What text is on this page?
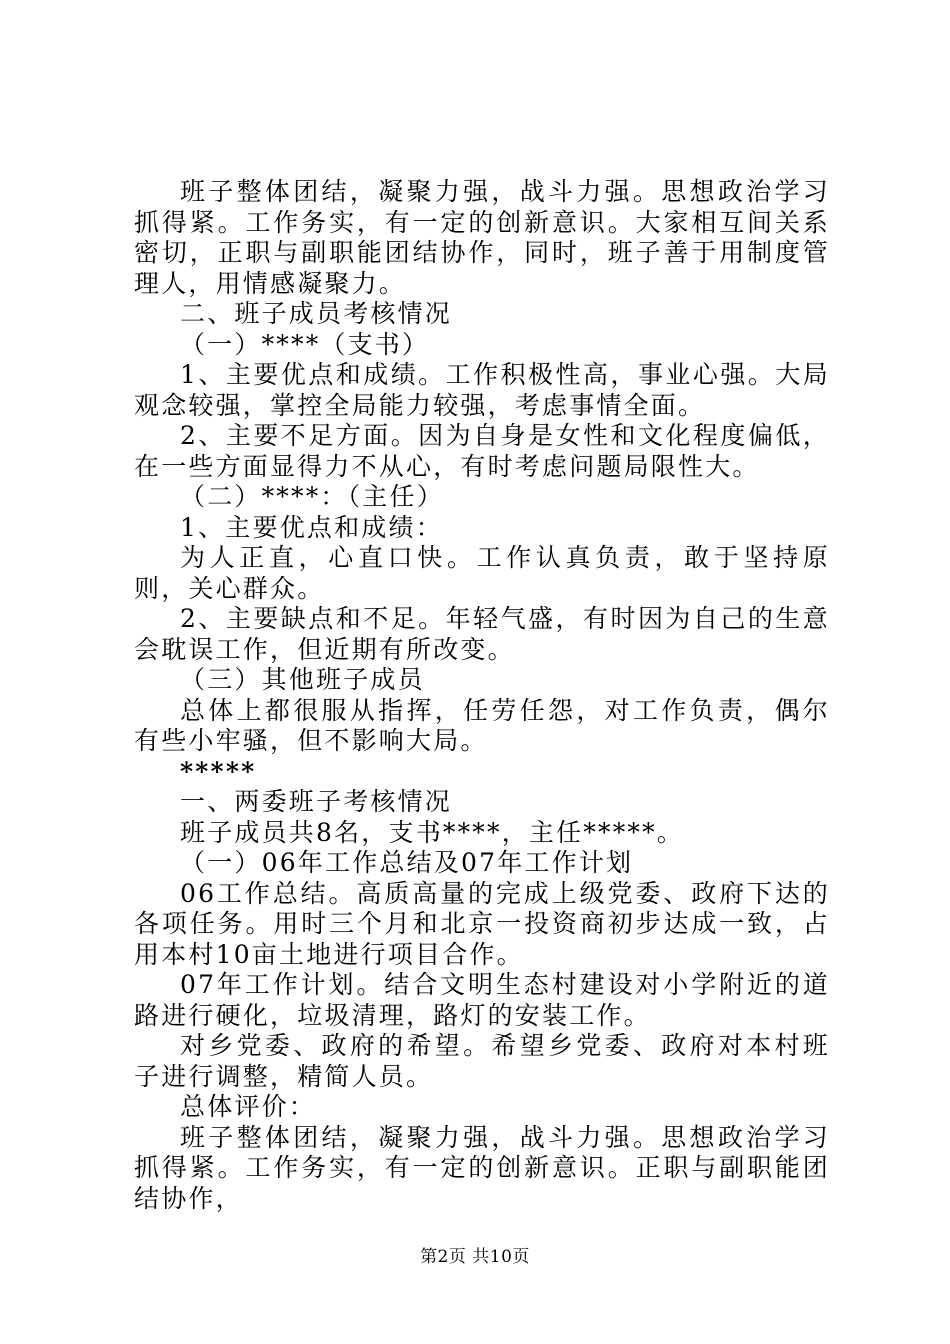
班子整体团结，凝聚力强，战斗力强。思想政治学习抓得紧。工作务实，有一定的创新意识。大家相互间关系密切，正职与副职能团结协作，同时，班子善于用制度管理人，用情感凝聚力。

二、班子成员考核情况

（一）****（支书）

1、主要优点和成绩。工作积极性高，事业心强。大局观念较强，掌控全局能力较强，考虑事情全面。

2、主要不足方面。因为自身是女性和文化程度偏低，在一些方面显得力不从心，有时考虑问题局限性大。

（二）****：（主任）

1、主要优点和成绩：

为人正直，心直口快。工作认真负责，敢于坚持原则，关心群众。

2、主要缺点和不足。年轻气盛，有时因为自己的生意会耽误工作，但近期有所改变。

（三）其他班子成员

总体上都很服从指挥，任劳任怨，对工作负责，偶尔有些小牢骚，但不影响大局。

*****

一、两委班子考核情况

班子成员共8名，支书****，主任*****。

（一）06年工作总结及07年工作计划

06工作总结。高质高量的完成上级党委、政府下达的各项任务。用时三个月和北京一投资商初步达成一致，占用本村10亩土地进行项目合作。

07年工作计划。结合文明生态村建设对小学附近的道路进行硬化，垃圾清理，路灯的安装工作。

对乡党委、政府的希望。希望乡党委、政府对本村班子进行调整，精简人员。

总体评价：

班子整体团结，凝聚力强，战斗力强。思想政治学习抓得紧。工作务实，有一定的创新意识。正职与副职能团结协作，

第2页 共10页
